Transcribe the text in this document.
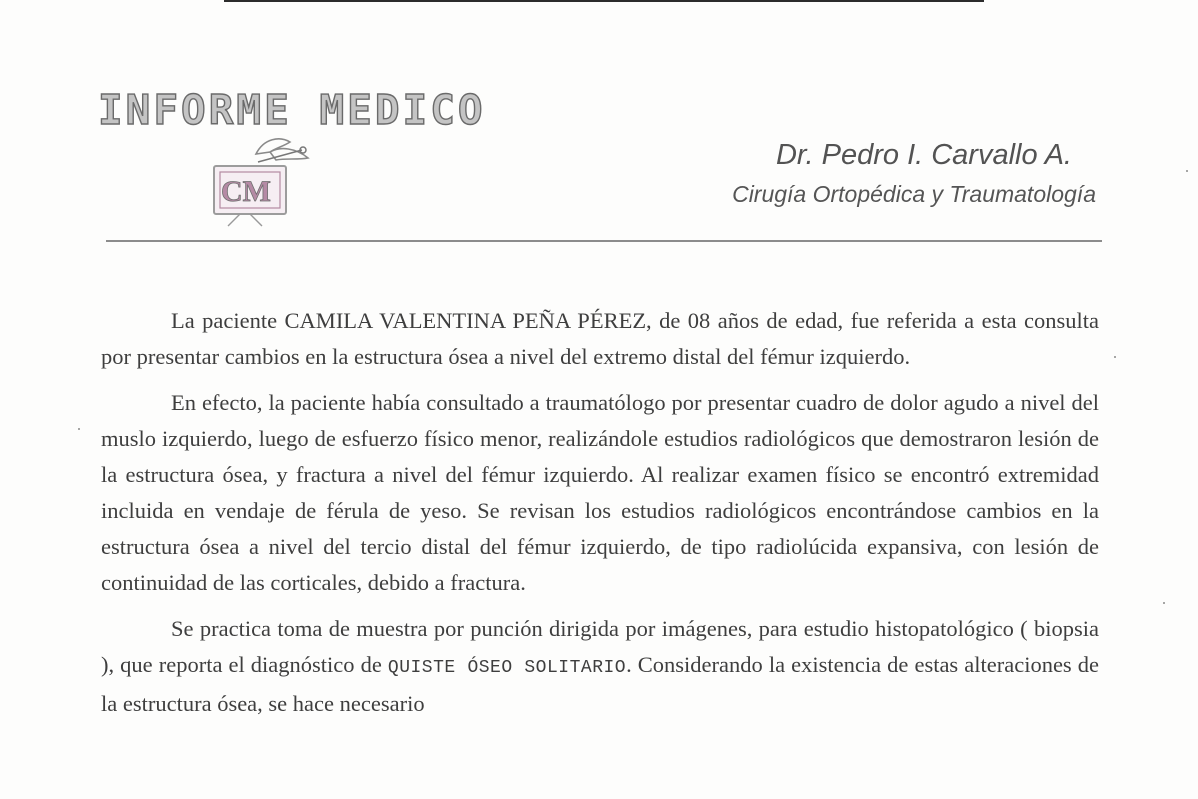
INFORME MEDICO
CM
Dr. Pedro I. Carvallo A.
Cirugía Ortopédica y Traumatología

La paciente CAMILA VALENTINA PEÑA PÉREZ, de 08 años de edad, fue referida a esta consulta por presentar cambios en la estructura ósea a nivel del extremo distal del fémur izquierdo.

En efecto, la paciente había consultado a traumatólogo por presentar cuadro de dolor agudo a nivel del muslo izquierdo, luego de esfuerzo físico menor, realizándole estudios radiológicos que demostraron lesión de la estructura ósea, y fractura a nivel del fémur izquierdo. Al realizar examen físico se encontró extremidad incluida en vendaje de férula de yeso. Se revisan los estudios radiológicos encontrándose cambios en la estructura ósea a nivel del tercio distal del fémur izquierdo, de tipo radiolúcida expansiva, con lesión de continuidad de las corticales, debido a fractura.

Se practica toma de muestra por punción dirigida por imágenes, para estudio histopatológico ( biopsia ), que reporta el diagnóstico de QUISTE ÓSEO SOLITARIO. Considerando la existencia de estas alteraciones de la estructura ósea, se hace necesario
